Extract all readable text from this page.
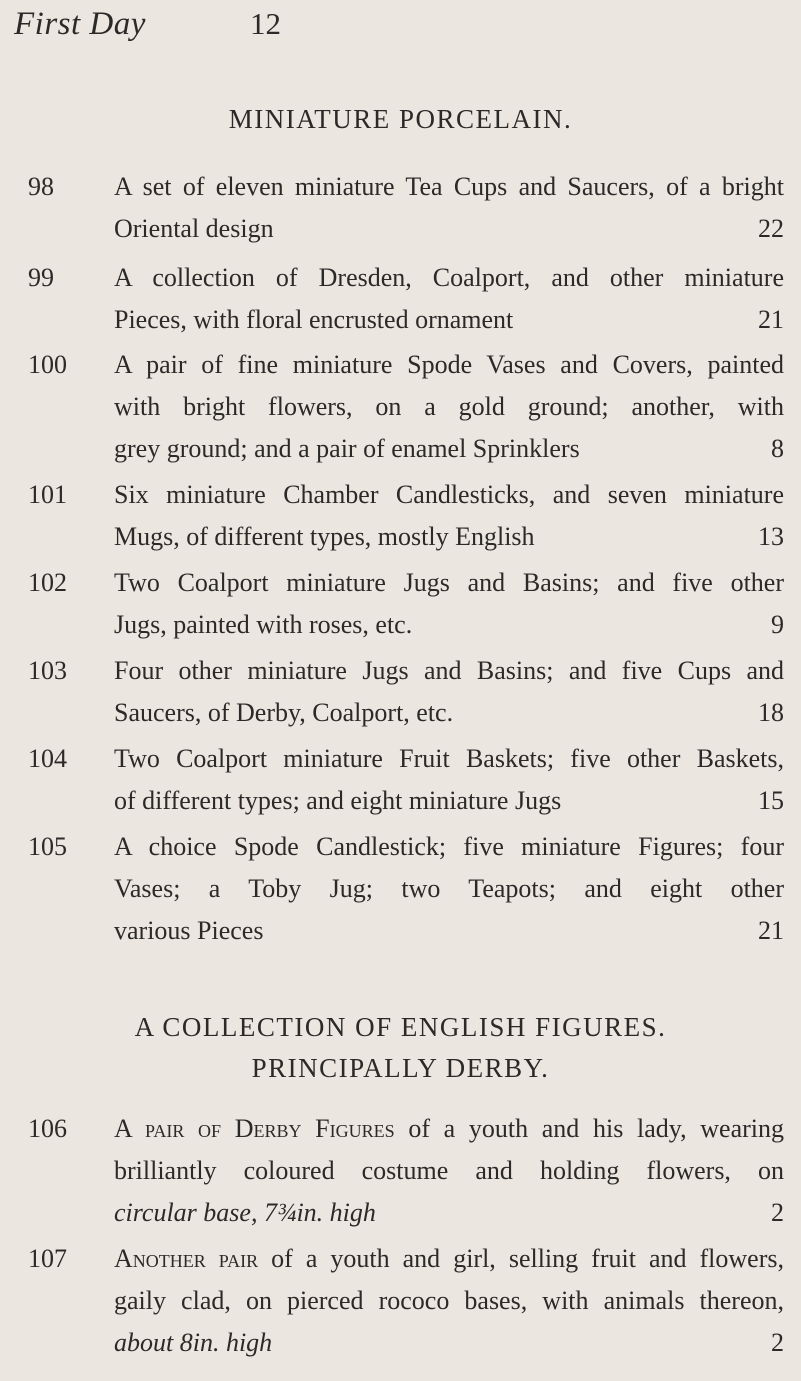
First Day	12
MINIATURE PORCELAIN.
98	A set of eleven miniature Tea Cups and Saucers, of a bright
Oriental design	22
99	A collection of Dresden, Coalport, and other miniature
Pieces, with floral encrusted ornament	21
100	A pair of fine miniature Spode Vases and Covers, painted
with bright flowers, on a gold ground; another, with
grey ground; and a pair of enamel Sprinklers	8
101	Six miniature Chamber Candlesticks, and seven miniature
Mugs, of different types, mostly English	13
102	Two Coalport miniature Jugs and Basins; and five other
Jugs, painted with roses, etc.	9
103	Four other miniature Jugs and Basins; and five Cups and
Saucers, of Derby, Coalport, etc.	18
104	Two Coalport miniature Fruit Baskets; five other Baskets,
of different types; and eight miniature Jugs	15
105	A choice Spode Candlestick; five miniature Figures; four
Vases; a Toby Jug; two Teapots; and eight other
various Pieces	21
A COLLECTION OF ENGLISH FIGURES.
PRINCIPALLY DERBY.
106	A pair of Derby Figures of a youth and his lady, wearing
brilliantly coloured costume and holding flowers, on
circular base, 7¾in. high	2
107	Another pair of a youth and girl, selling fruit and flowers,
gaily clad, on pierced rococo bases, with animals thereon,
about 8in. high	2
